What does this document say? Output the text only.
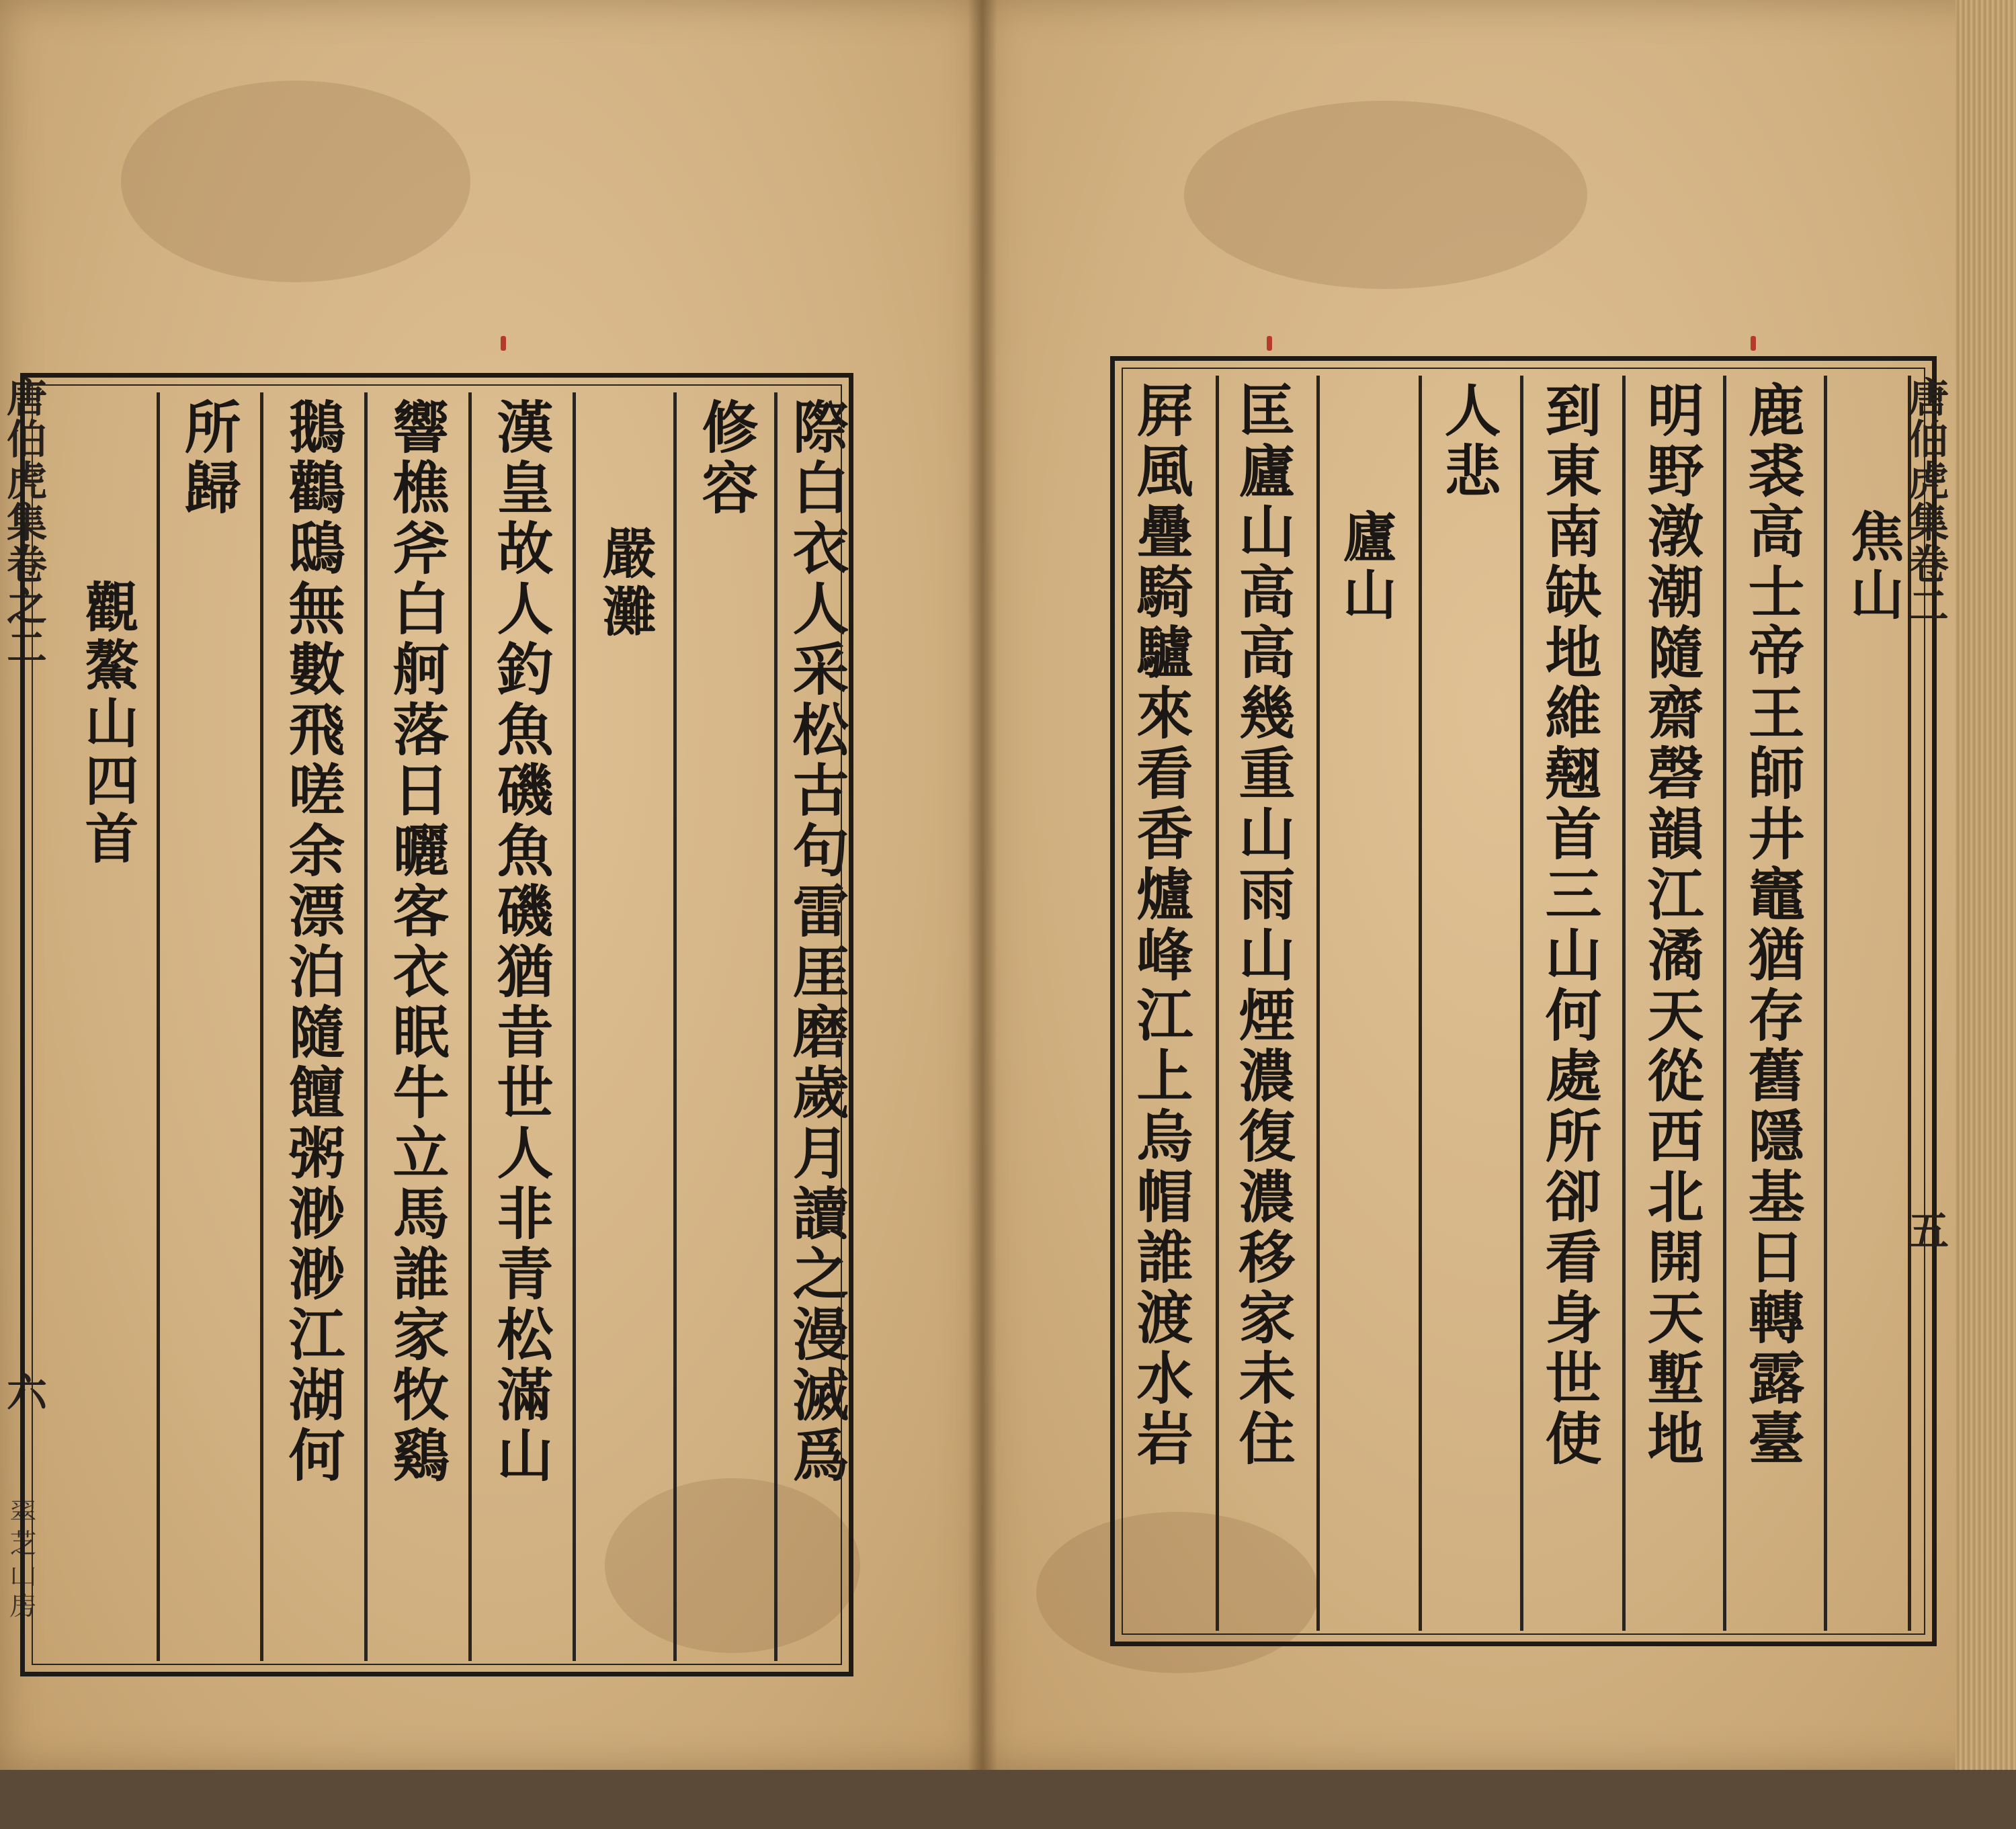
唐伯虎集卷之二
六
翠芝山房
觀鰲山四首
所歸 鵝鸛鴟無數飛嗟余漂泊隨饘粥渺渺江湖何 響樵斧白舸落日曬客衣眠牛立馬誰家牧鷄 漢皇故人釣魚磯魚磯猶昔世人非青松滿山 嚴灘
修容 際白衣人采松古句雷厓磨歲月讀之漫滅爲	屛風疊騎驢來看香爐峰江上烏帽誰渡水岩 匡廬山高高幾重山雨山煙濃復濃移家未住 廬山
人悲 到東南缺地維翹首三山何處所卻看身世使 明野潡潮隨齋磬韻江潏天從西北開天塹地 鹿裘高士帝王師井竈猶存舊隱基日轉露臺 焦山
唐伯虎集卷二
五
